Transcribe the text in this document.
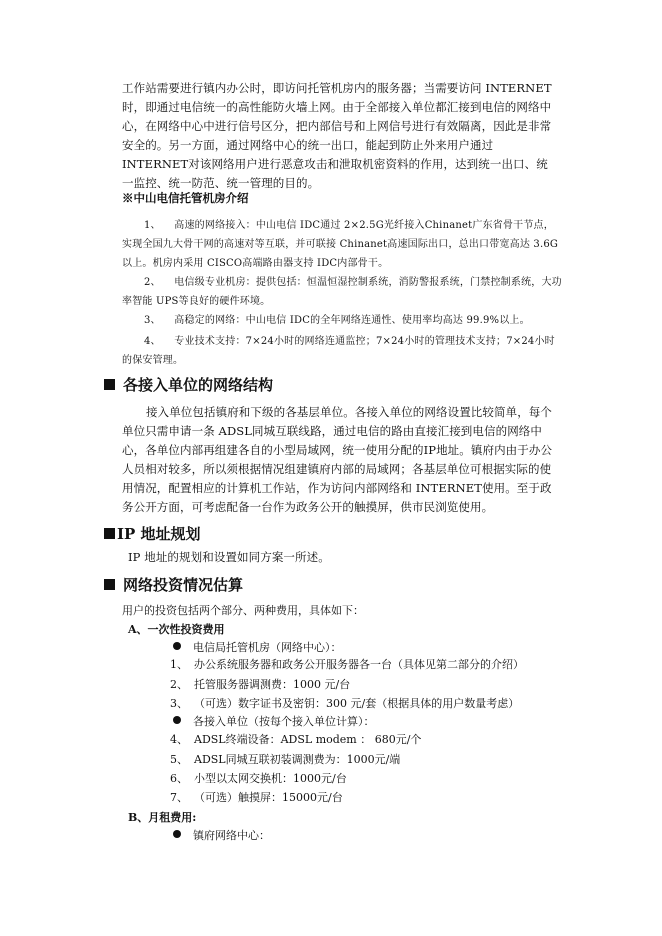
工作站需要进行镇内办公时，即访问托管机房内的服务器；当需要访问 INTERNET时，即通过电信统一的高性能防火墙上网。由于全部接入单位都汇接到电信的网络中心，在网络中心中进行信号区分，把内部信号和上网信号进行有效隔离，因此是非常安全的。另一方面，通过网络中心的统一出口，能起到防止外来用户通过 INTERNET对该网络用户进行恶意攻击和泄取机密资料的作用，达到统一出口、统一监控、统一防范、统一管理的目的。

※中山电信托管机房介绍

1、 高速的网络接入：中山电信 IDC通过 2×2.5G光纤接入Chinanet广东省骨干节点，实现全国九大骨干网的高速对等互联，并可联接 Chinanet高速国际出口，总出口带宽高达 3.6G 以上。机房内采用 CISCO高端路由器支持 IDC内部骨干。

2、 电信级专业机房：提供包括：恒温恒湿控制系统，消防警报系统，门禁控制系统，大功率智能 UPS等良好的硬件环境。

3、 高稳定的网络：中山电信 IDC的全年网络连通性、使用率均高达 99.9%以上。

4、 专业技术支持：7×24小时的网络连通监控；7×24小时的管理技术支持；7×24小时的保安管理。

各接入单位的网络结构

接入单位包括镇府和下级的各基层单位。各接入单位的网络设置比较简单，每个单位只需申请一条 ADSL同城互联线路，通过电信的路由直接汇接到电信的网络中心，各单位内部再组建各自的小型局域网，统一使用分配的IP地址。镇府内由于办公人员相对较多，所以须根据情况组建镇府内部的局域网；各基层单位可根据实际的使用情况，配置相应的计算机工作站，作为访问内部网络和 INTERNET使用。至于政务公开方面，可考虑配备一台作为政务公开的触摸屏，供市民浏览使用。

IP 地址规划

IP 地址的规划和设置如同方案一所述。

网络投资情况估算
用户的投资包括两个部分、两种费用，具体如下：
A、一次性投资费用
电信局托管机房（网络中心）：
1、 办公系统服务器和政务公开服务器各一台（具体见第二部分的介绍）
2、 托管服务器调测费：1000 元/台
3、 （可选）数字证书及密钥：300 元/套（根据具体的用户数量考虑）
各接入单位（按每个接入单位计算）：
4、 ADSL终端设备：ADSL modem ： 680元/个
5、 ADSL同城互联初装调测费为：1000元/端
6、 小型以太网交换机：1000元/台
7、 （可选）触摸屏：15000元/台
B、月租费用:
镇府网络中心：
